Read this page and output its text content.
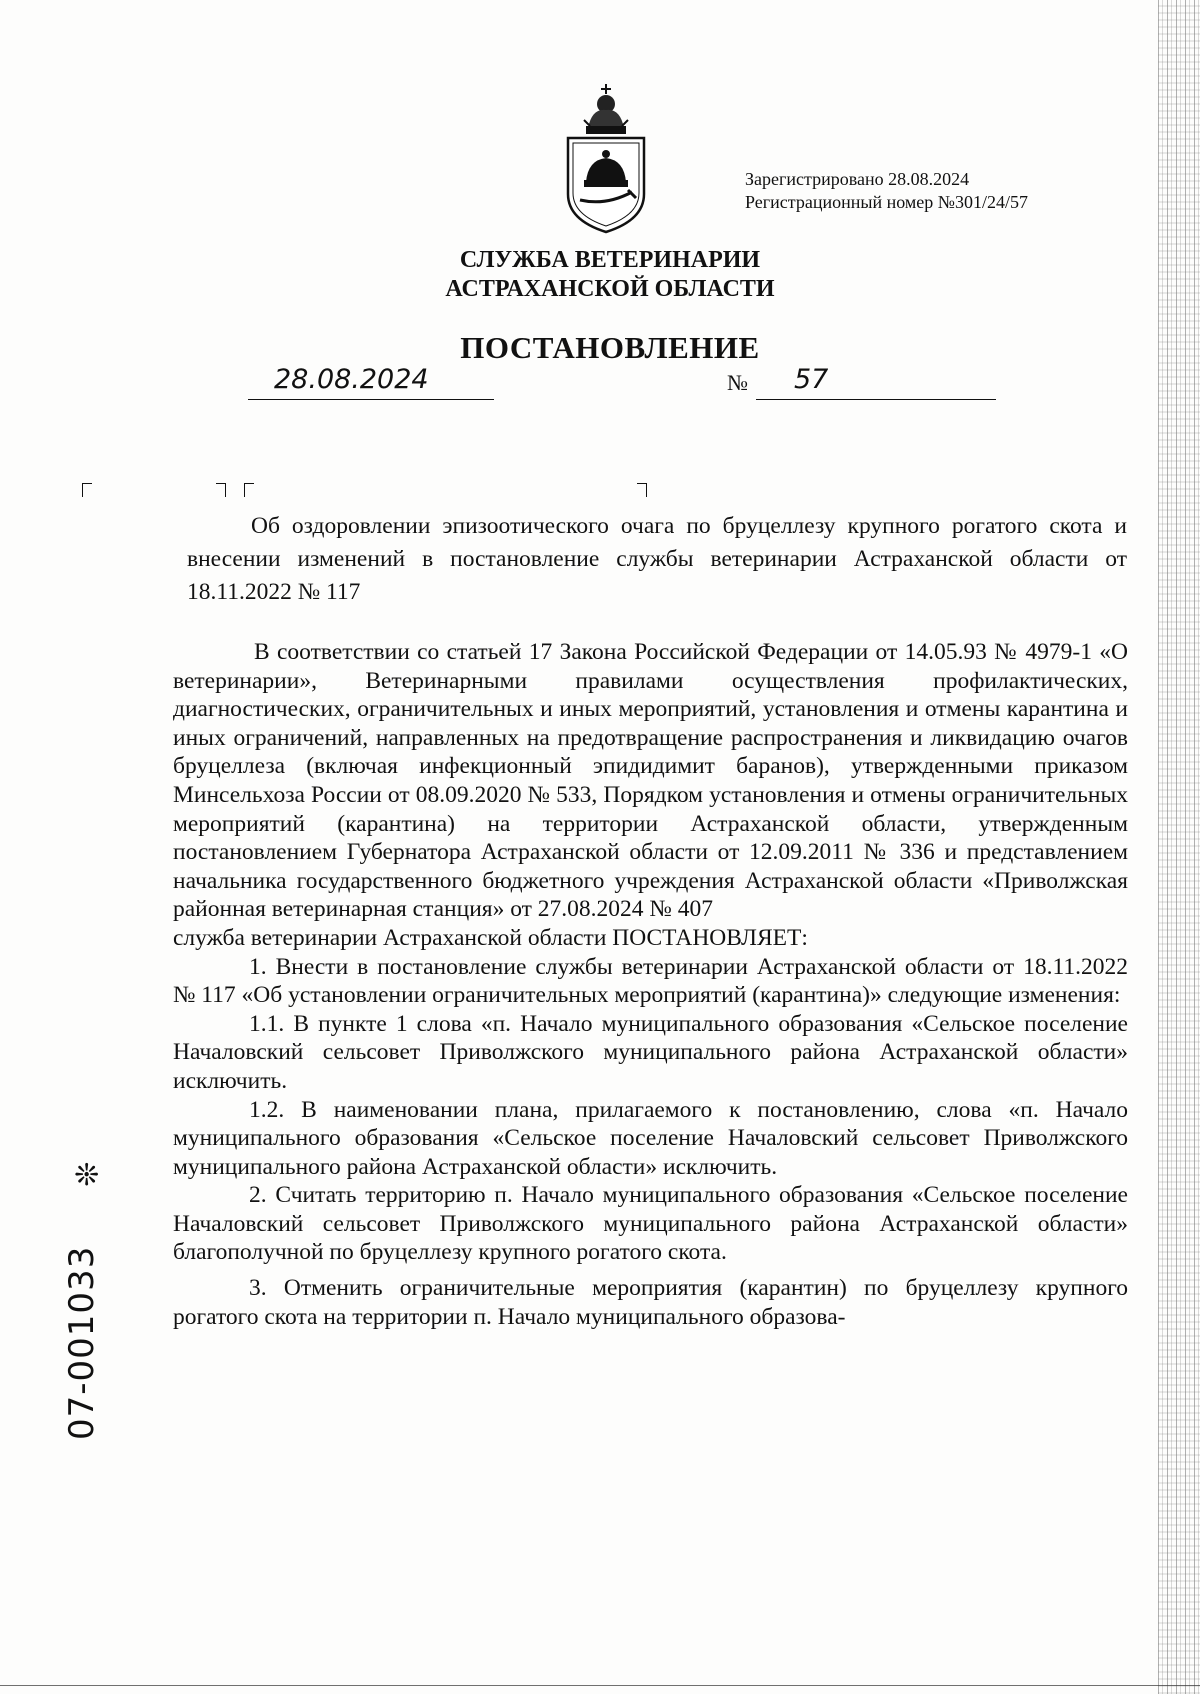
Зарегистрировано 28.08.2024
Регистрационный номер №301/24/57
СЛУЖБА ВЕТЕРИНАРИИ
АСТРАХАНСКОЙ ОБЛАСТИ
ПОСТАНОВЛЕНИЕ
28.08.2024	№	57
Об оздоровлении эпизоотического очага по бруцеллезу крупного рогатого скота и внесении изменений в постановление службы ветеринарии Астраханской области от 18.11.2022 № 117

В соответствии со статьей 17 Закона Российской Федерации от 14.05.93 № 4979-1 «О ветеринарии», Ветеринарными правилами осуществления профилактических, диагностических, ограничительных и иных мероприятий, установления и отмены карантина и иных ограничений, направленных на предотвращение распространения и ликвидацию очагов бруцеллеза (включая инфекционный эпидидимит баранов), утвержденными приказом Минсельхоза России от 08.09.2020 № 533, Порядком установления и отмены ограничительных мероприятий (карантина) на территории Астраханской области, утвержденным постановлением Губернатора Астраханской области от 12.09.2011 № 336 и представлением начальника государственного бюджетного учреждения Астраханской области «Приволжская районная ветеринарная станция» от 27.08.2024 № 407

служба ветеринарии Астраханской области ПОСТАНОВЛЯЕТ:

1. Внести в постановление службы ветеринарии Астраханской области от 18.11.2022 № 117 «Об установлении ограничительных мероприятий (карантина)» следующие изменения:

1.1. В пункте 1 слова «п. Начало муниципального образования «Сельское поселение Началовский сельсовет Приволжского муниципального района Астраханской области» исключить.

1.2. В наименовании плана, прилагаемого к постановлению, слова «п. Начало муниципального образования «Сельское поселение Началовский сельсовет Приволжского муниципального района Астраханской области» исключить.

2. Считать территорию п. Начало муниципального образования «Сельское поселение Началовский сельсовет Приволжского муниципального района Астраханской области» благополучной по бруцеллезу крупного рогатого скота.

3. Отменить ограничительные мероприятия (карантин) по бруцеллезу крупного рогатого скота на территории п. Начало муниципального образова-

❊
07-001033
